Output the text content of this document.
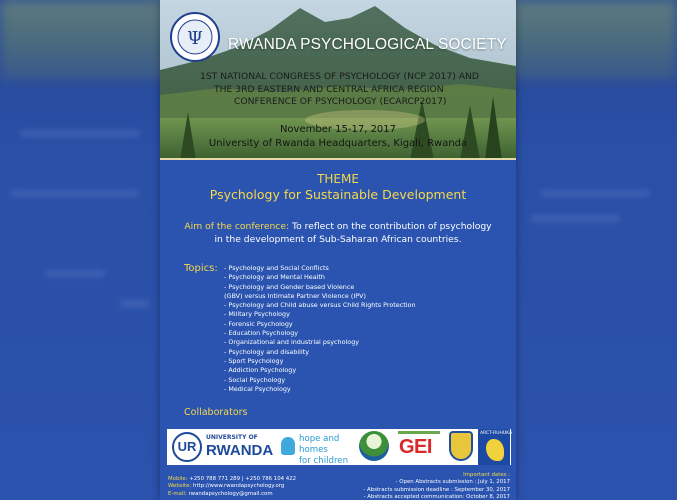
Ψ RWANDA PSYCHOLOGICAL SOCIETY
1ST NATIONAL CONGRESS OF PSYCHOLOGY (NCP 2017) AND
THE 3RD EASTERN AND CENTRAL AFRICA REGION
CONFERENCE OF PSYCHOLOGY (ECARCP2017)
November 15-17, 2017
University of Rwanda Headquarters, Kigali, Rwanda
THEME
Psychology for Sustainable Development
Aim of the conference: To reflect on the contribution of psychology
in the development of Sub-Saharan African countries.
Topics: - Psychology and Social Conflicts
- Psychology and Mental Health
- Psychology and Gender based Violence
(GBV) versus Intimate Partner Violence (IPV)
- Psychology and Child abuse versus Child Rights Protection
- Military Psychology
- Forensic Psychology
- Education Psychology
- Organizational and industrial psychology
- Psychology and disability
- Sport Psychology
- Addiction Psychology
- Social Psychology
- Medical Psychology
Collaborators
UR
UNIVERSITY OF
RWANDA
hope and homes
for children
GEI
ARCT-RUHUKA
Mobile: +250 788 771 289 | +250 786 104 422
Website: http://www.rwandapsychology.org
E-mail: rwandapsychology@gmail.com
Important dates :
- Open Abstracts submission : July 1, 2017
- Abstracts submission deadline : September 30, 2017
- Abstracts accepted communication: October 8, 2017
